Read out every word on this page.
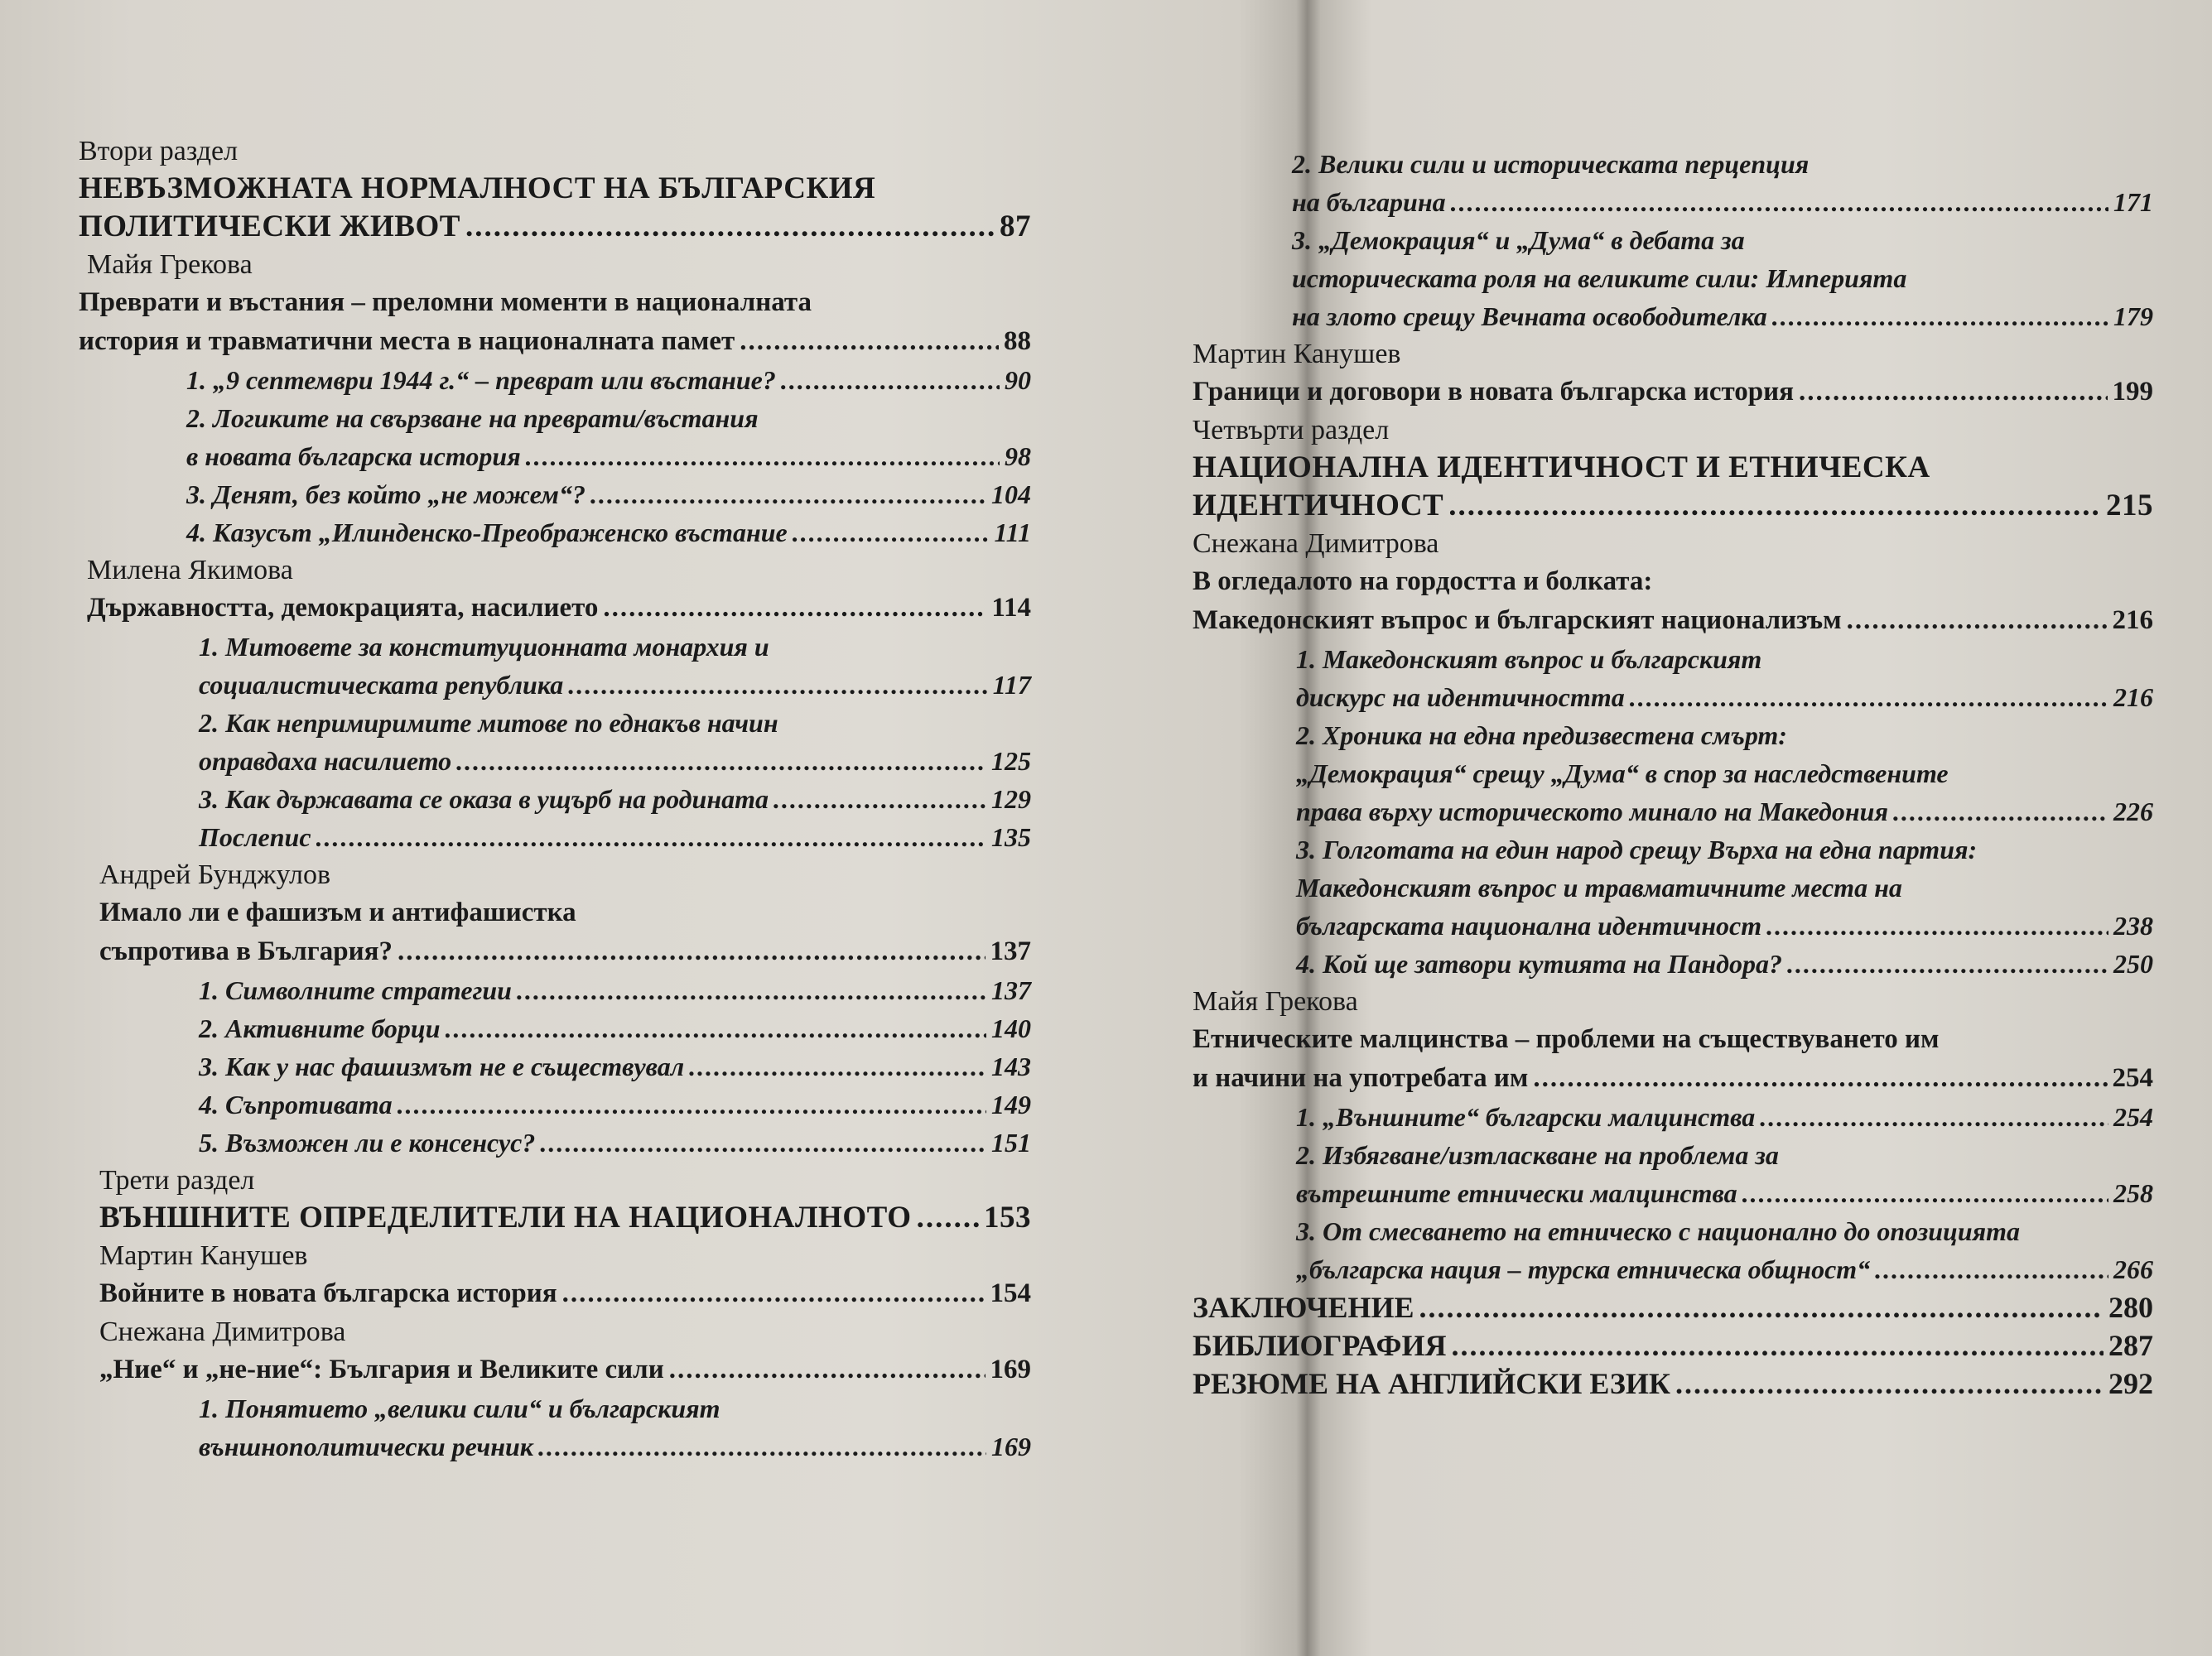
Втори раздел
НЕВЪЗМОЖНАТА НОРМАЛНОСТ НА БЪЛГАРСКИЯ
ПОЛИТИЧЕСКИ ЖИВОТ .....	87
Майя Грекова
Преврати и въстания – преломни моменти в националната
история и травматични места в националната памет .....	88
1. „9 септември 1944 г.“ – преврат или въстание? .....	90
2. Логиките на свързване на преврати/въстания
в новата българска история .....	98
3. Денят, без който „не можем“? .....	104
4. Казусът „Илинденско-Преображенско въстание .....	111
Милена Якимова
Държавността, демокрацията, насилието .....	114
1. Митовете за конституционната монархия и
социалистическата република .....	117
2. Как непримиримите митове по еднакъв начин
оправдаха насилието .....	125
3. Как държавата се оказа в ущърб на родината .....	129
Послепис .....	135
Андрей Бунджулов
Имало ли е фашизъм и антифашистка
съпротива в България? .....	137
1. Символните стратегии .....	137
2. Активните борци .....	140
3. Как у нас фашизмът не е съществувал .....	143
4. Съпротивата .....	149
5. Възможен ли е консенсус? .....	151
Трети раздел
ВЪНШНИТЕ ОПРЕДЕЛИТЕЛИ НА НАЦИОНАЛНОТО ..... 153
Мартин Канушев
Войните в новата българска история .....	154
Снежана Димитрова
„Ние“ и „не-ние“: България и Великите сили .....	169
1. Понятието „велики сили“ и българският
външнополитически речник .....	169
2. Велики сили и историческата перцепция
на българина .....	171
3. „Демокрация“ и „Дума“ в дебата за
историческата роля на великите сили: Империята
на злото срещу Вечната освободителка .....	179
Мартин Канушев
Граници и договори в новата българска история .....	199
Четвърти раздел
НАЦИОНАЛНА ИДЕНТИЧНОСТ И ЕТНИЧЕСКА
ИДЕНТИЧНОСТ .....	215
Снежана Димитрова
В огледалото на гордостта и болката:
Македонският въпрос и българският национализъм .....	216
1. Македонският въпрос и българският
дискурс на идентичността .....	216
2. Хроника на една предизвестена смърт:
„Демокрация“ срещу „Дума“ в спор за наследствените
права върху историческото минало на Македония .....	226
3. Голготата на един народ срещу Върха на една партия:
Македонският въпрос и травматичните места на
българската национална идентичност .....	238
4. Кой ще затвори кутията на Пандора? .....	250
Майя Грекова
Етническите малцинства – проблеми на съществуването им
и начини на употребата им .....	254
1. „Външните“ български малцинства .....	254
2. Избягване/изтласкване на проблема за
вътрешните етнически малцинства .....	258
3. От смесването на етническо с национално до опозицията
„българска нация – турска етническа общност“ .....	266
ЗАКЛЮЧЕНИЕ .....	280
БИБЛИОГРАФИЯ .....	287
РЕЗЮМЕ НА АНГЛИЙСКИ ЕЗИК .....	292
